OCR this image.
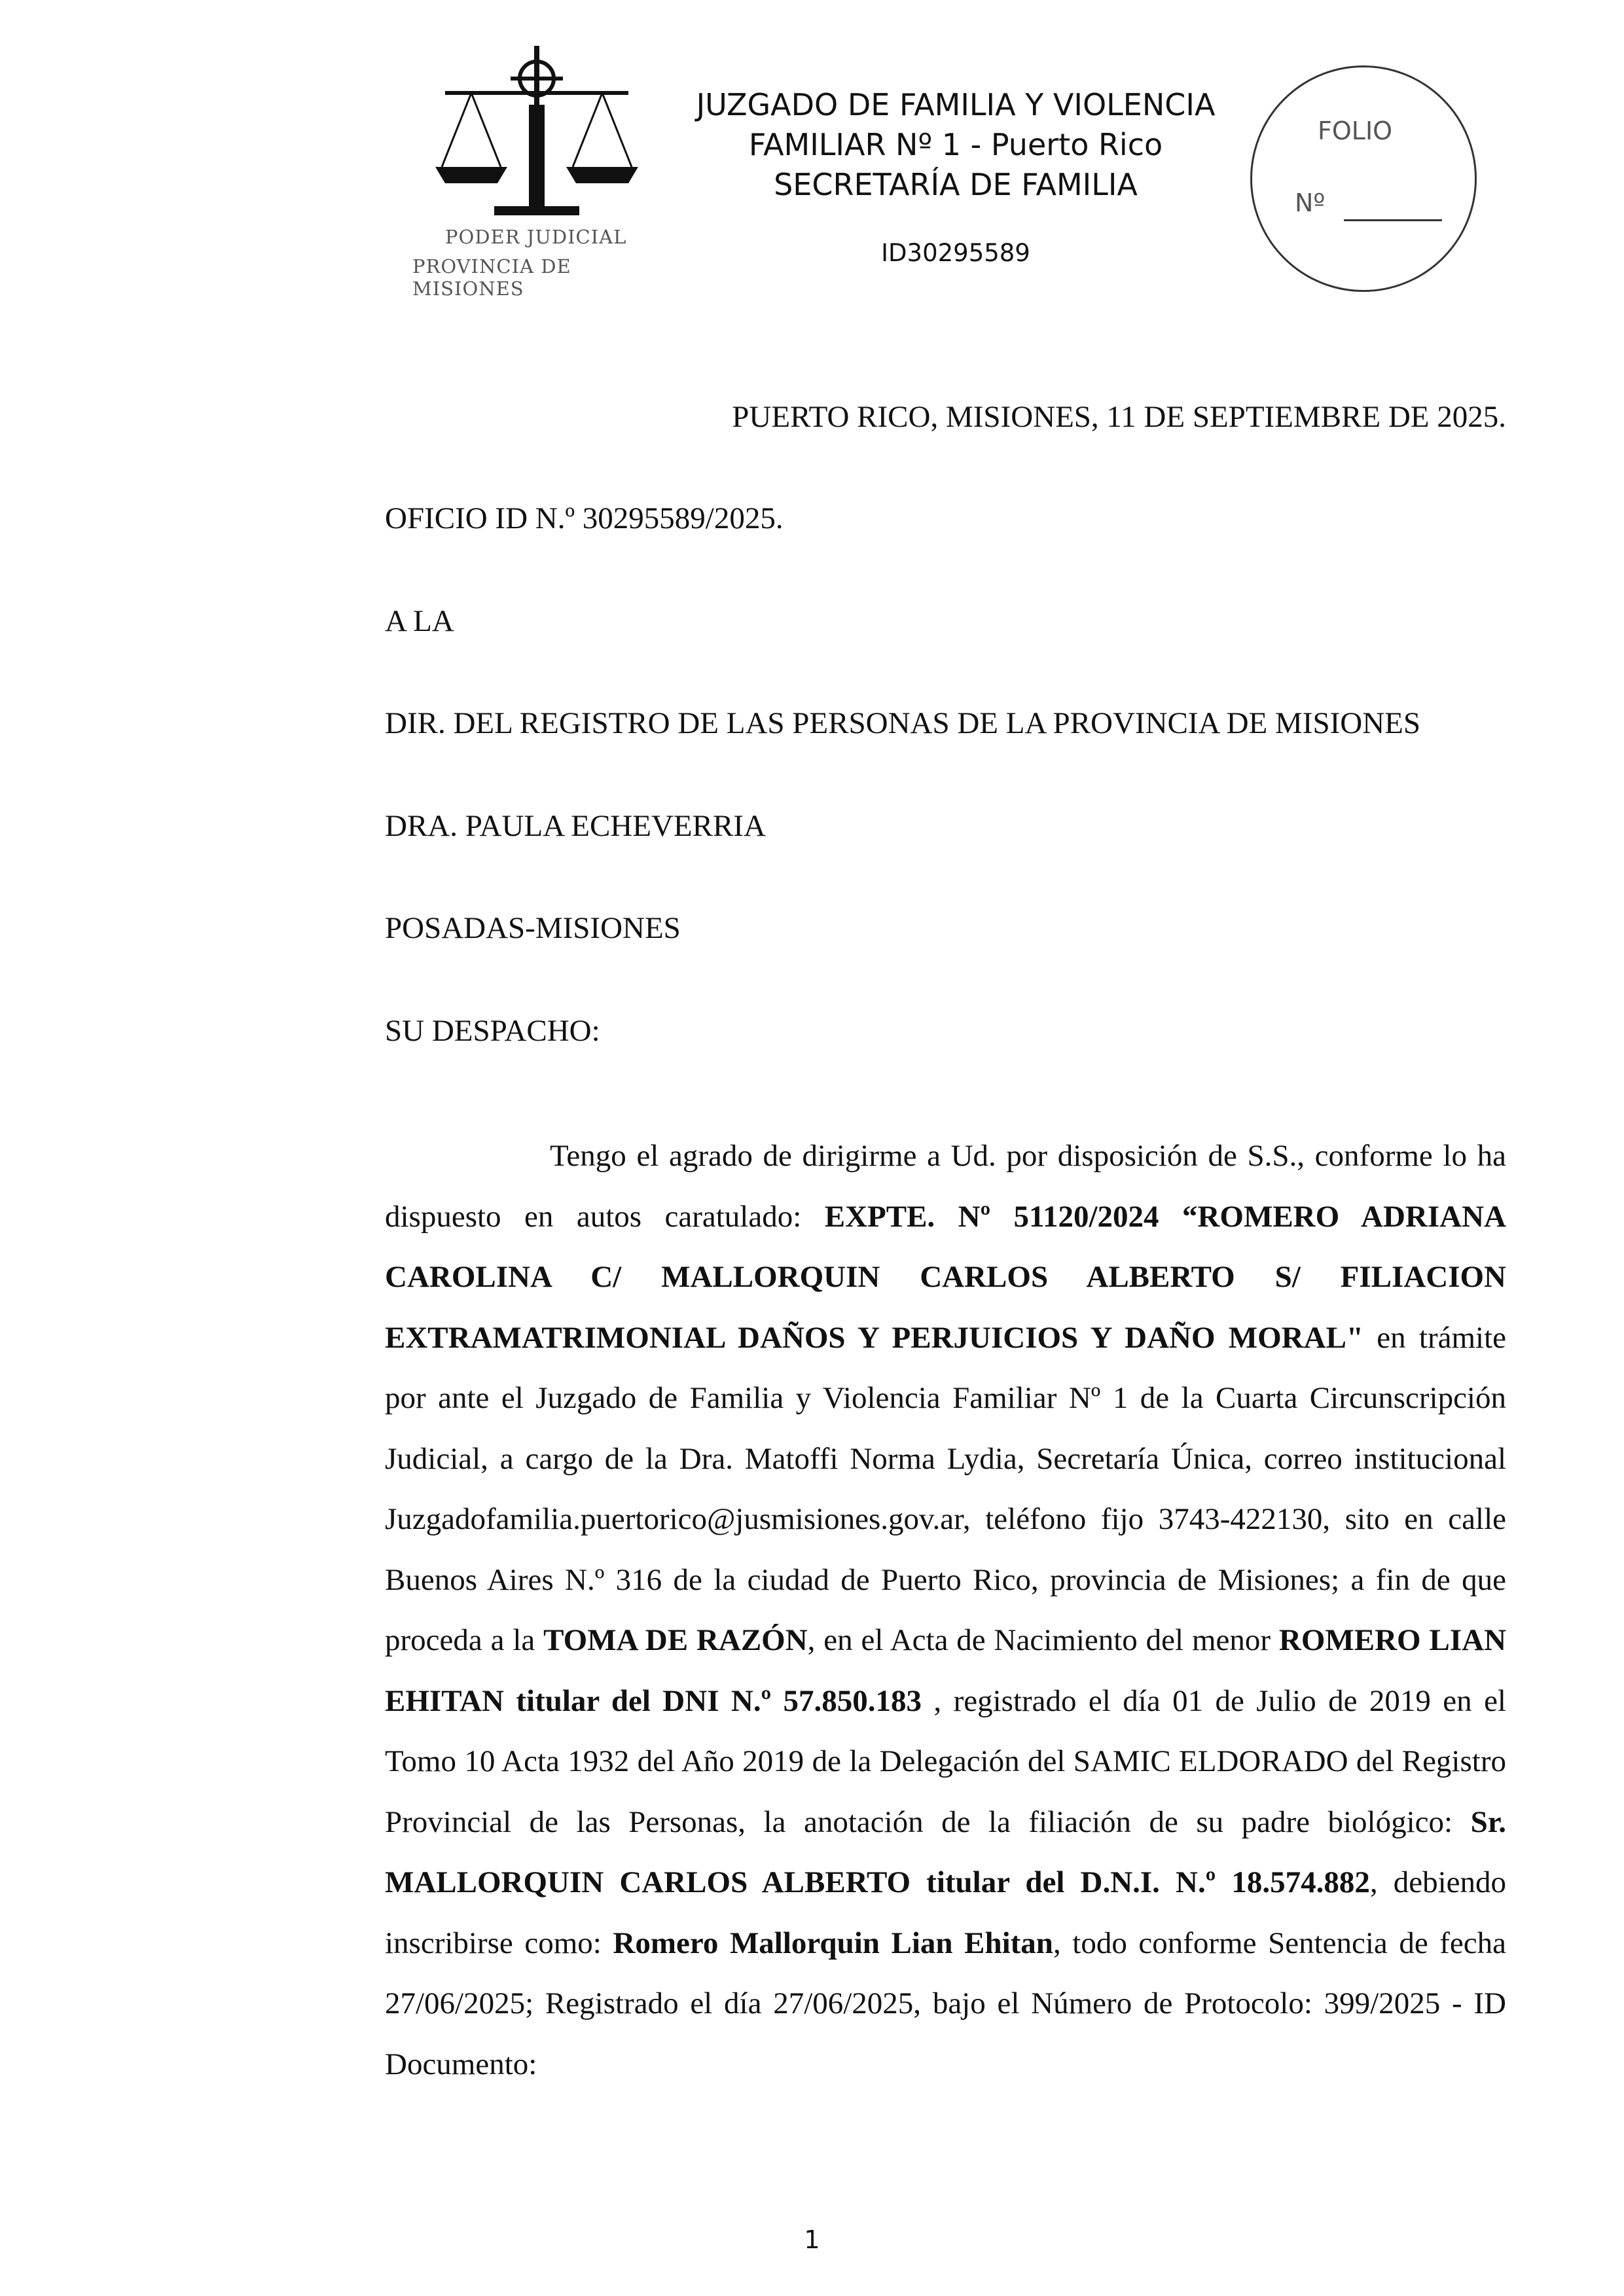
PODER JUDICIAL
PROVINCIA DE MISIONES
JUZGADO DE FAMILIA Y VIOLENCIA
FAMILIAR Nº 1 - Puerto Rico
SECRETARÍA DE FAMILIA
ID30295589
FOLIO
Nº
PUERTO RICO, MISIONES, 11 DE SEPTIEMBRE DE 2025.
OFICIO ID N.º 30295589/2025.
A LA
DIR. DEL REGISTRO DE LAS PERSONAS DE LA PROVINCIA DE MISIONES
DRA. PAULA ECHEVERRIA
POSADAS-MISIONES
SU DESPACHO:
Tengo el agrado de dirigirme a Ud. por disposición de S.S., conforme lo ha dispuesto en autos caratulado: EXPTE. Nº 51120/2024 “ROMERO ADRIANA CAROLINA C/ MALLORQUIN CARLOS ALBERTO S/ FILIACION EXTRAMATRIMONIAL DAÑOS Y PERJUICIOS Y DAÑO MORAL" en trámite por ante el Juzgado de Familia y Violencia Familiar Nº 1 de la Cuarta Circunscripción Judicial, a cargo de la Dra. Matoffi Norma Lydia, Secretaría Única, correo institucional Juzgadofamilia.puertorico@jusmisiones.gov.ar, teléfono fijo 3743-422130, sito en calle Buenos Aires N.º 316 de la ciudad de Puerto Rico, provincia de Misiones; a fin de que proceda a la TOMA DE RAZÓN, en el Acta de Nacimiento del menor ROMERO LIAN EHITAN titular del DNI N.º 57.850.183 , registrado el día 01 de Julio de 2019 en el Tomo 10 Acta 1932 del Año 2019 de la Delegación del SAMIC ELDORADO del Registro Provincial de las Personas, la anotación de la filiación de su padre biológico: Sr. MALLORQUIN CARLOS ALBERTO titular del D.N.I. N.º 18.574.882, debiendo inscribirse como: Romero Mallorquin Lian Ehitan, todo conforme Sentencia de fecha 27/06/2025; Registrado el día 27/06/2025, bajo el Número de Protocolo: 399/2025 - ID Documento:
1
